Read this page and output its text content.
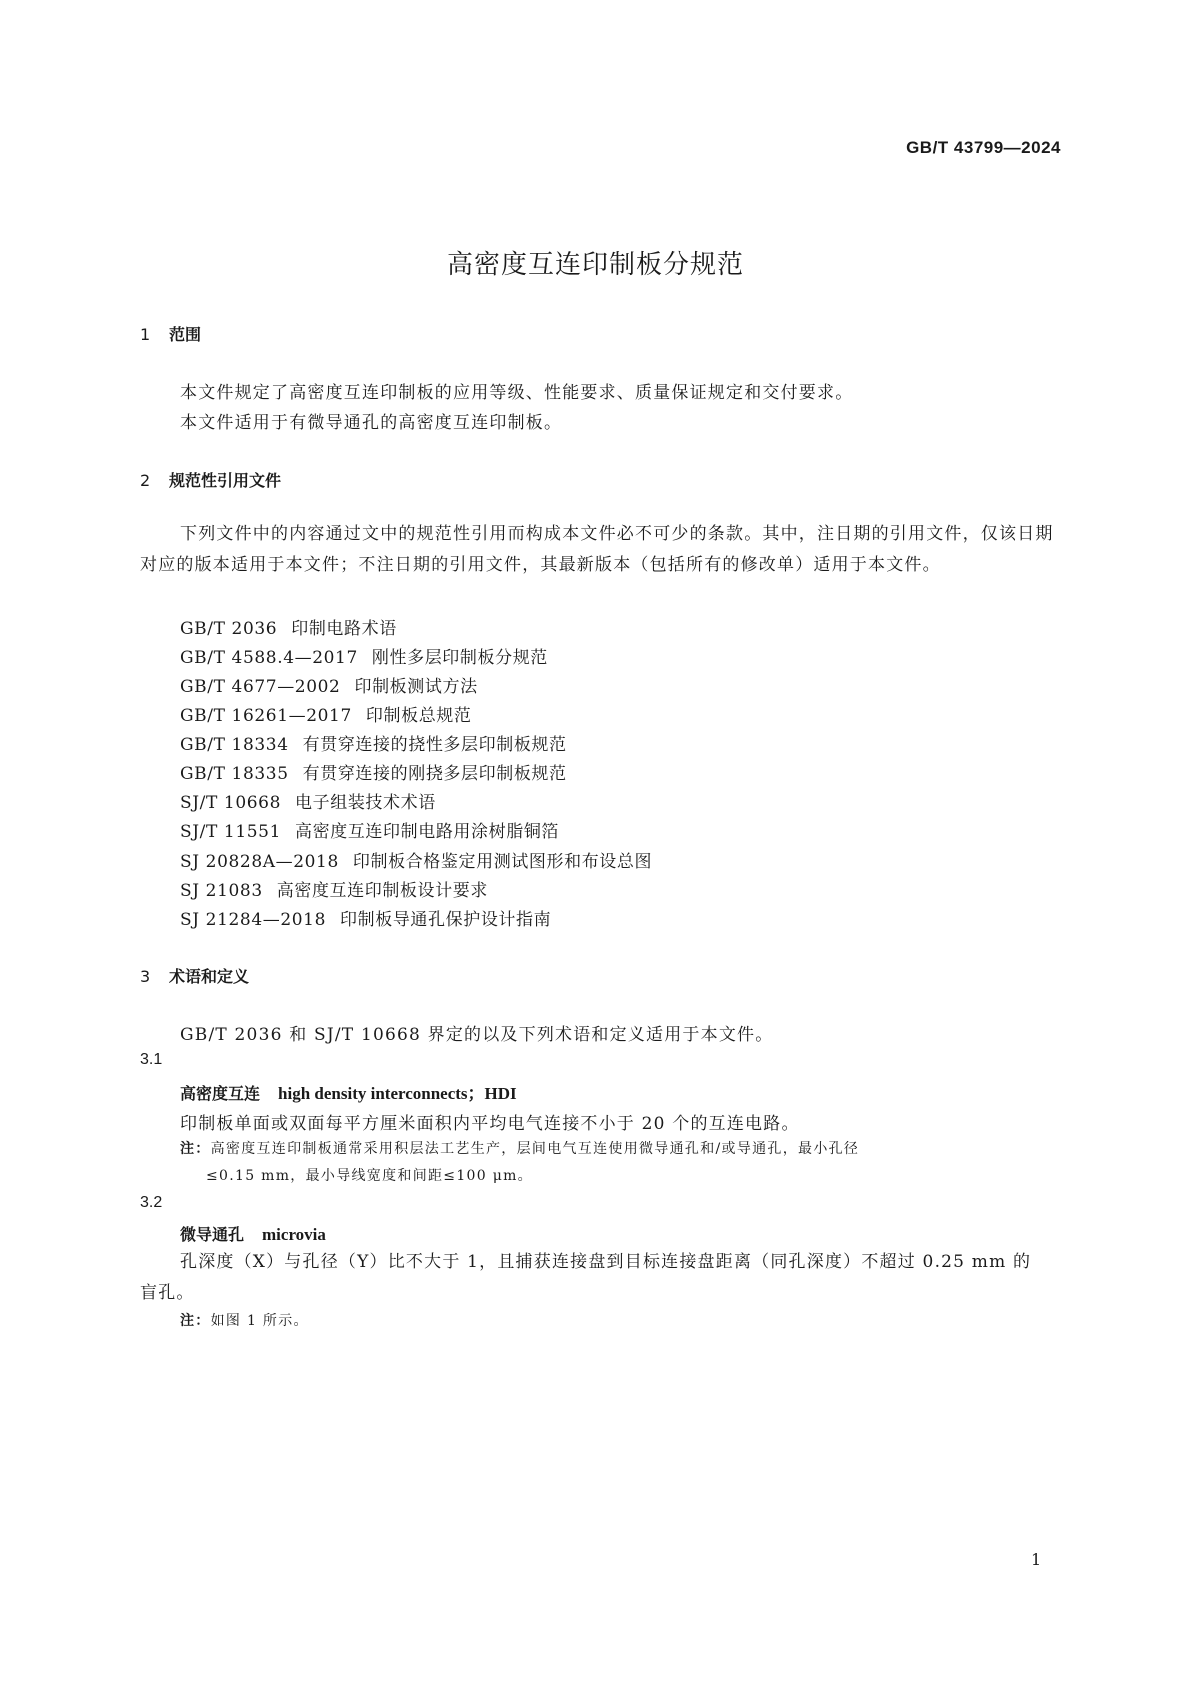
GB/T 43799—2024
高密度互连印制板分规范
1 范围
本文件规定了高密度互连印制板的应用等级、性能要求、质量保证规定和交付要求。
本文件适用于有微导通孔的高密度互连印制板。
2 规范性引用文件
下列文件中的内容通过文中的规范性引用而构成本文件必不可少的条款。其中，注日期的引用文件，仅该日期对应的版本适用于本文件；不注日期的引用文件，其最新版本（包括所有的修改单）适用于本文件。
GB/T 2036 印制电路术语
GB/T 4588.4—2017 刚性多层印制板分规范
GB/T 4677—2002 印制板测试方法
GB/T 16261—2017 印制板总规范
GB/T 18334 有贯穿连接的挠性多层印制板规范
GB/T 18335 有贯穿连接的刚挠多层印制板规范
SJ/T 10668 电子组装技术术语
SJ/T 11551 高密度互连印制电路用涂树脂铜箔
SJ 20828A—2018 印制板合格鉴定用测试图形和布设总图
SJ 21083 高密度互连印制板设计要求
SJ 21284—2018 印制板导通孔保护设计指南
3 术语和定义
GB/T 2036 和 SJ/T 10668 界定的以及下列术语和定义适用于本文件。
3.1
高密度互连 high density interconnects；HDI
印制板单面或双面每平方厘米面积内平均电气连接不小于 20 个的互连电路。
注：高密度互连印制板通常采用积层法工艺生产，层间电气互连使用微导通孔和/或导通孔，最小孔径
≤0.15 mm，最小导线宽度和间距≤100 μm。
3.2
微导通孔 microvia
孔深度（X）与孔径（Y）比不大于 1，且捕获连接盘到目标连接盘距离（同孔深度）不超过 0.25 mm 的
盲孔。
注：如图 1 所示。
1
